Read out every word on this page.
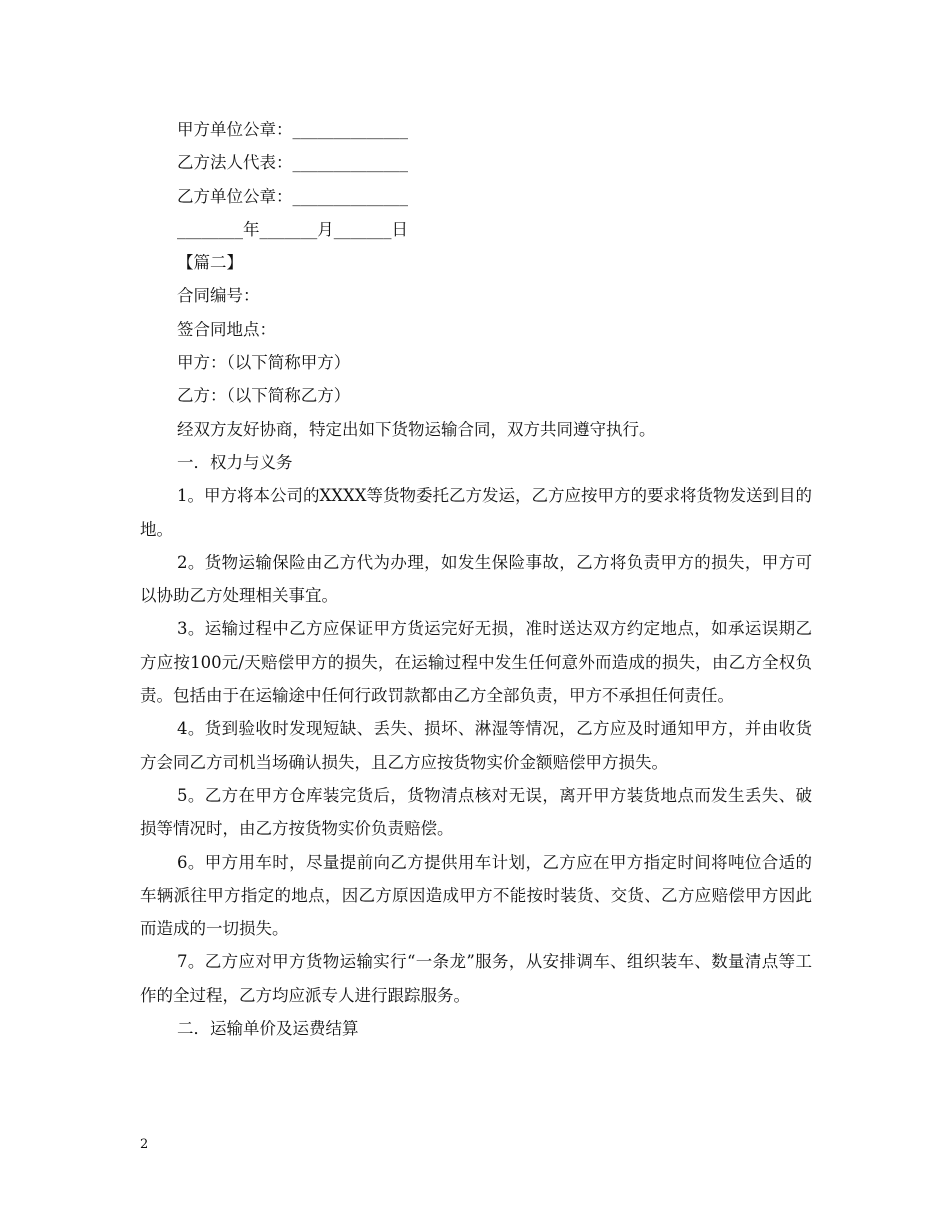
甲方单位公章：______________
乙方法人代表：______________
乙方单位公章：______________
________年_______月_______日
【篇二】
合同编号：
签合同地点：
甲方：（以下简称甲方）
乙方：（以下简称乙方）
经双方友好协商，特定出如下货物运输合同，双方共同遵守执行。
一．权力与义务
1。甲方将本公司的XXXX等货物委托乙方发运，乙方应按甲方的要求将货物发送到目的地。
2。货物运输保险由乙方代为办理，如发生保险事故，乙方将负责甲方的损失，甲方可以协助乙方处理相关事宜。
3。运输过程中乙方应保证甲方货运完好无损，准时送达双方约定地点，如承运误期乙方应按100元/天赔偿甲方的损失，在运输过程中发生任何意外而造成的损失，由乙方全权负责。包括由于在运输途中任何行政罚款都由乙方全部负责，甲方不承担任何责任。
4。货到验收时发现短缺、丢失、损坏、淋湿等情况，乙方应及时通知甲方，并由收货方会同乙方司机当场确认损失，且乙方应按货物实价金额赔偿甲方损失。
5。乙方在甲方仓库装完货后，货物清点核对无误，离开甲方装货地点而发生丢失、破损等情况时，由乙方按货物实价负责赔偿。
6。甲方用车时，尽量提前向乙方提供用车计划，乙方应在甲方指定时间将吨位合适的车辆派往甲方指定的地点，因乙方原因造成甲方不能按时装货、交货、乙方应赔偿甲方因此而造成的一切损失。
7。乙方应对甲方货物运输实行“一条龙”服务，从安排调车、组织装车、数量清点等工作的全过程，乙方均应派专人进行跟踪服务。
二．运输单价及运费结算
2
